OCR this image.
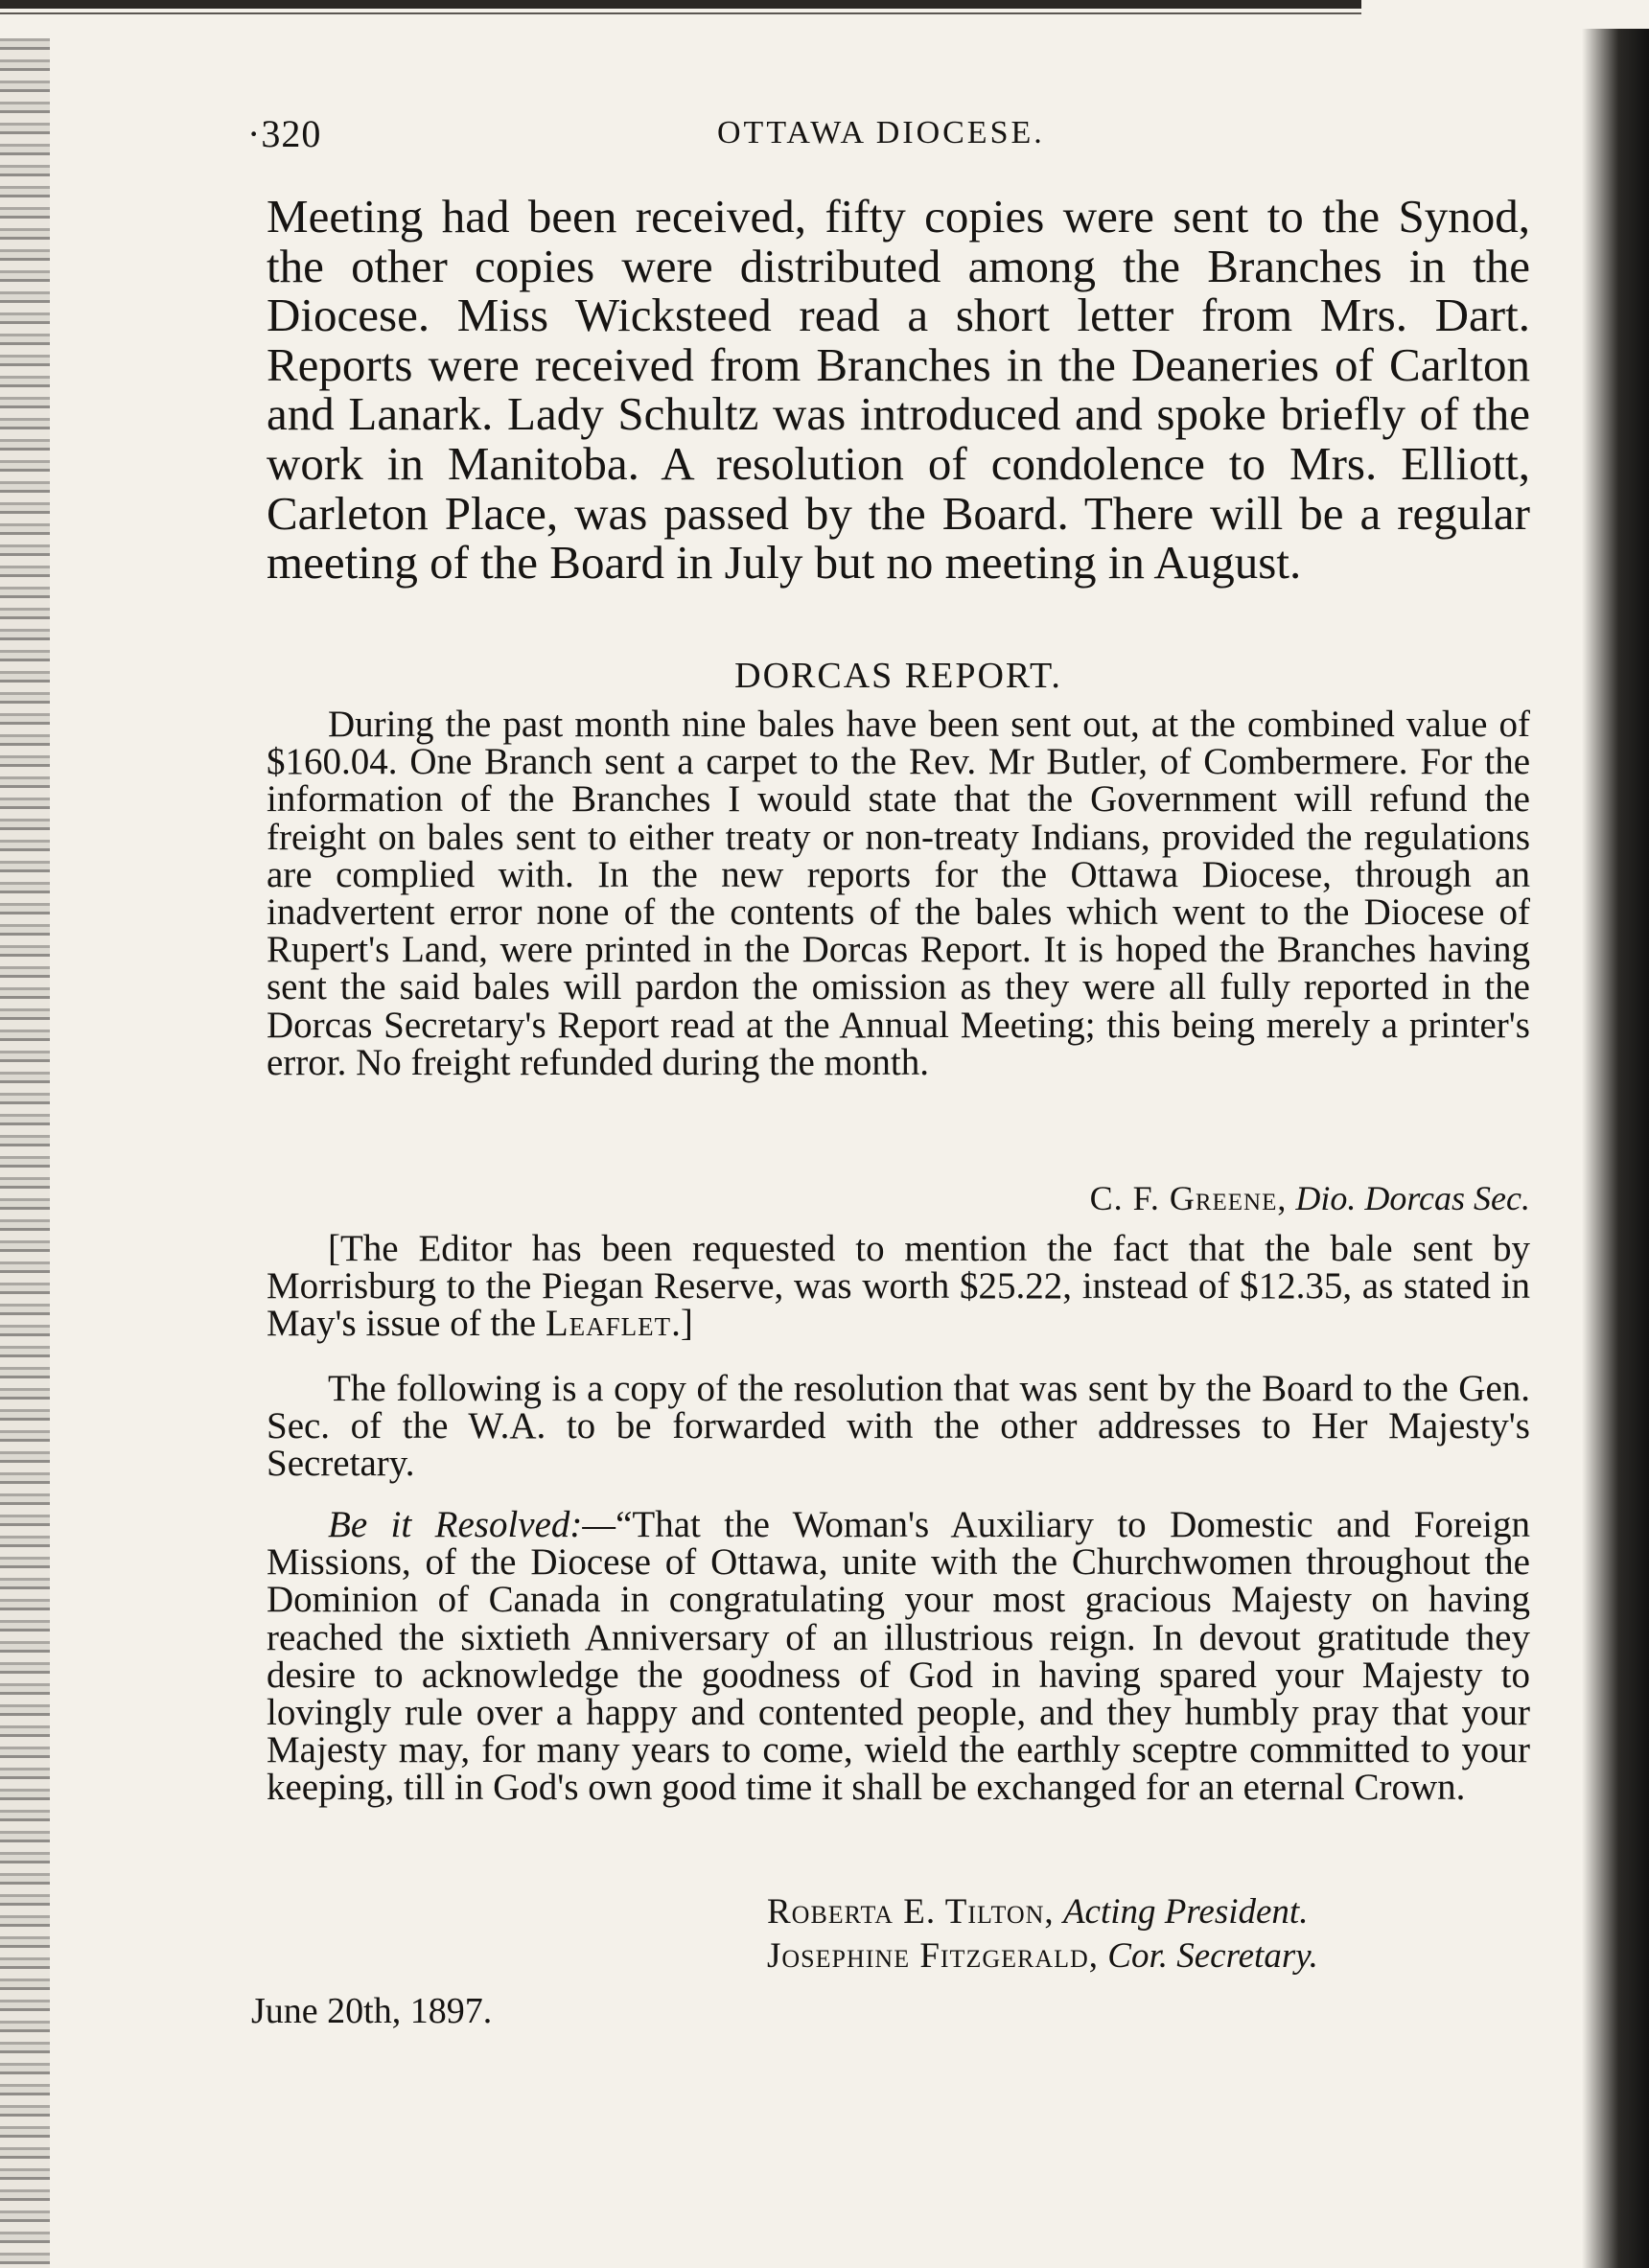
·320	OTTAWA DIOCESE.

Meeting had been received, fifty copies were sent to the Synod, the other copies were distributed among the Branches in the Diocese. Miss Wicksteed read a short letter from Mrs. Dart. Reports were received from Branches in the Deaneries of Carlton and Lanark. Lady Schultz was introduced and spoke briefly of the work in Manitoba. A resolution of condolence to Mrs. Elliott, Carleton Place, was passed by the Board. There will be a regular meeting of the Board in July but no meeting in August.

DORCAS REPORT.

During the past month nine bales have been sent out, at the combined value of $160.04. One Branch sent a carpet to the Rev. Mr Butler, of Combermere. For the information of the Branches I would state that the Government will refund the freight on bales sent to either treaty or non-treaty Indians, provided the regulations are complied with. In the new reports for the Ottawa Diocese, through an inadvertent error none of the contents of the bales which went to the Diocese of Rupert's Land, were printed in the Dorcas Report. It is hoped the Branches having sent the said bales will pardon the omission as they were all fully reported in the Dorcas Secretary's Report read at the Annual Meeting; this being merely a printer's error. No freight refunded during the month.

C. F. Greene, Dio. Dorcas Sec.

[The Editor has been requested to mention the fact that the bale sent by Morrisburg to the Piegan Reserve, was worth $25.22, instead of $12.35, as stated in May's issue of the Leaflet.]

The following is a copy of the resolution that was sent by the Board to the Gen. Sec. of the W.A. to be forwarded with the other addresses to Her Majesty's Secretary.

Be it Resolved:—“That the Woman's Auxiliary to Domestic and Foreign Missions, of the Diocese of Ottawa, unite with the Churchwomen throughout the Dominion of Canada in congratulating your most gracious Majesty on having reached the sixtieth Anniversary of an illustrious reign. In devout gratitude they desire to acknowledge the goodness of God in having spared your Majesty to lovingly rule over a happy and contented people, and they humbly pray that your Majesty may, for many years to come, wield the earthly sceptre committed to your keeping, till in God's own good time it shall be exchanged for an eternal Crown.

Roberta E. Tilton, Acting President.
Josephine Fitzgerald, Cor. Secretary.
June 20th, 1897.
